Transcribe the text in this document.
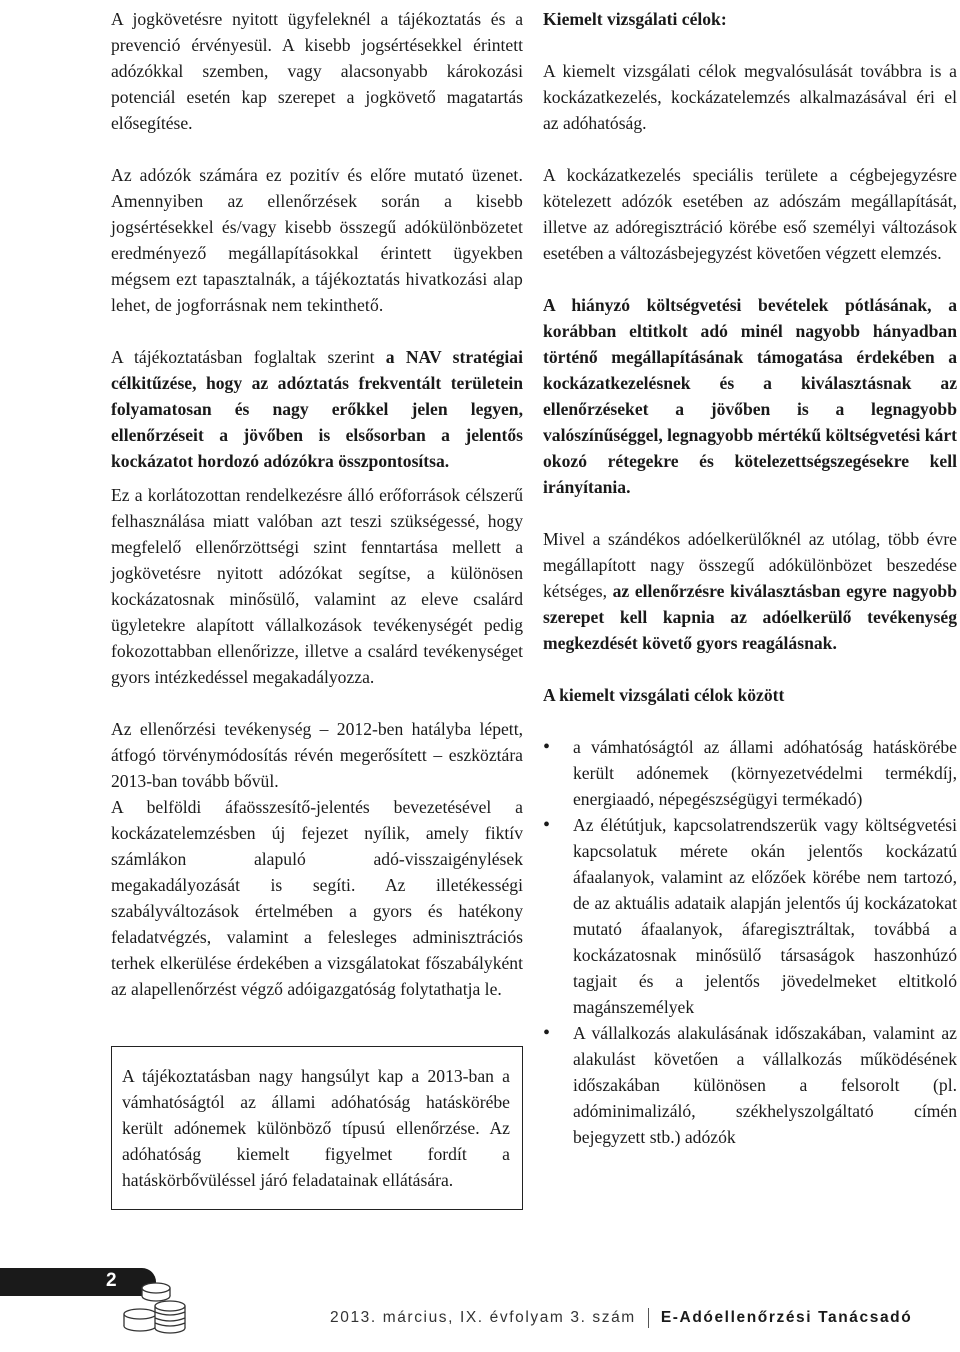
A jogkövetésre nyitott ügyfeleknél a tájékoztatás és a prevenció érvényesül. A kisebb jogsértésekkel érintett adózókkal szemben, vagy alacsonyabb károkozási potenciál esetén kap szerepet a jogkövető magatartás elősegítése.

Az adózók számára ez pozitív és előre mutató üzenet. Amennyiben az ellenőrzések során a kisebb jogsértésekkel és/vagy kisebb összegű adókülönbözetet eredményező megállapításokkal érintett ügyekben mégsem ezt tapasztalnák, a tájékoztatás hivatkozási alap lehet, de jogforrásnak nem tekinthető.

A tájékoztatásban foglaltak szerint a NAV stratégiai célkitűzése, hogy az adóztatás frekventált területein folyamatosan és nagy erőkkel jelen legyen, ellenőrzéseit a jövőben is elsősorban a jelentős kockázatot hordozó adózókra összpontosítsa.

Ez a korlátozottan rendelkezésre álló erőforrások célszerű felhasználása miatt valóban azt teszi szükségessé, hogy megfelelő ellenőrzöttségi szint fenntartása mellett a jogkövetésre nyitott adózókat segítse, a különösen kockázatosnak minősülő, valamint az eleve csalárd ügyletekre alapított vállalkozások tevékenységét pedig fokozottabban ellenőrizze, illetve a csalárd tevékenységet gyors intézkedéssel megakadályozza.

Az ellenőrzési tevékenység – 2012-ben hatályba lépett, átfogó törvénymódosítás révén megerősített – eszköztára 2013-ban tovább bővül.

A belföldi áfaösszesítő-jelentés bevezetésével a kockázatelemzésben új fejezet nyílik, amely fiktív számlákon alapuló adó-visszaigénylések megakadályozását is segíti. Az illetékességi szabályváltozások értelmében a gyors és hatékony feladatvégzés, valamint a felesleges adminisztrációs terhek elkerülése érdekében a vizsgálatokat főszabályként az alapellenőrzést végző adóigazgatóság folytathatja le.

A tájékoztatásban nagy hangsúlyt kap a 2013-ban a vámhatóságtól az állami adóhatóság hatáskörébe került adónemek különböző típusú ellenőrzése. Az adóhatóság kiemelt figyelmet fordít a hatáskörbővüléssel járó feladatainak ellátására.

Kiemelt vizsgálati célok:

A kiemelt vizsgálati célok megvalósulását továbbra is a kockázatkezelés, kockázatelemzés alkalmazásával éri el az adóhatóság.

A kockázatkezelés speciális területe a cégbejegyzésre kötelezett adózók esetében az adószám megállapítását, illetve az adóregisztráció körébe eső személyi változások esetében a változásbejegyzést követően végzett elemzés.

A hiányzó költségvetési bevételek pótlásának, a korábban eltitkolt adó minél nagyobb hányadban történő megállapításának támogatása érdekében a kockázatkezelésnek és a kiválasztásnak az ellenőrzéseket a jövőben is a legnagyobb valószínűséggel, legnagyobb mértékű költségvetési kárt okozó rétegekre és kötelezettségszegésekre kell irányítania.

Mivel a szándékos adóelkerülőknél az utólag, több évre megállapított nagy összegű adókülönbözet beszedése kétséges, az ellenőrzésre kiválasztásban egyre nagyobb szerepet kell kapnia az adóelkerülő tevékenység megkezdését követő gyors reagálásnak.

A kiemelt vizsgálati célok között

• a vámhatóságtól az állami adóhatóság hatáskörébe került adónemek (környezetvédelmi termékdíj, energiaadó, népegészségügyi termékadó)
• Az élétútjuk, kapcsolatrendszerük vagy költségvetési kapcsolatuk mérete okán jelentős kockázatú áfaalanyok, valamint az előzőek körébe nem tartozó, de az aktuális adataik alapján jelentős új kockázatokat mutató áfaalanyok, áfaregisztráltak, továbbá a kockázatosnak minősülő társaságok haszonhúzó tagjait és a jelentős jövedelmeket eltitkoló magánszemélyek
• A vállalkozás alakulásának időszakában, valamint az alakulást követően a vállalkozás működésének időszakában különösen a felsorolt (pl. adóminimalizáló, székhelyszolgáltató címén bejegyzett stb.) adózók
2
2013. március, IX. évfolyam 3. szám E-Adóellenőrzési Tanácsadó
